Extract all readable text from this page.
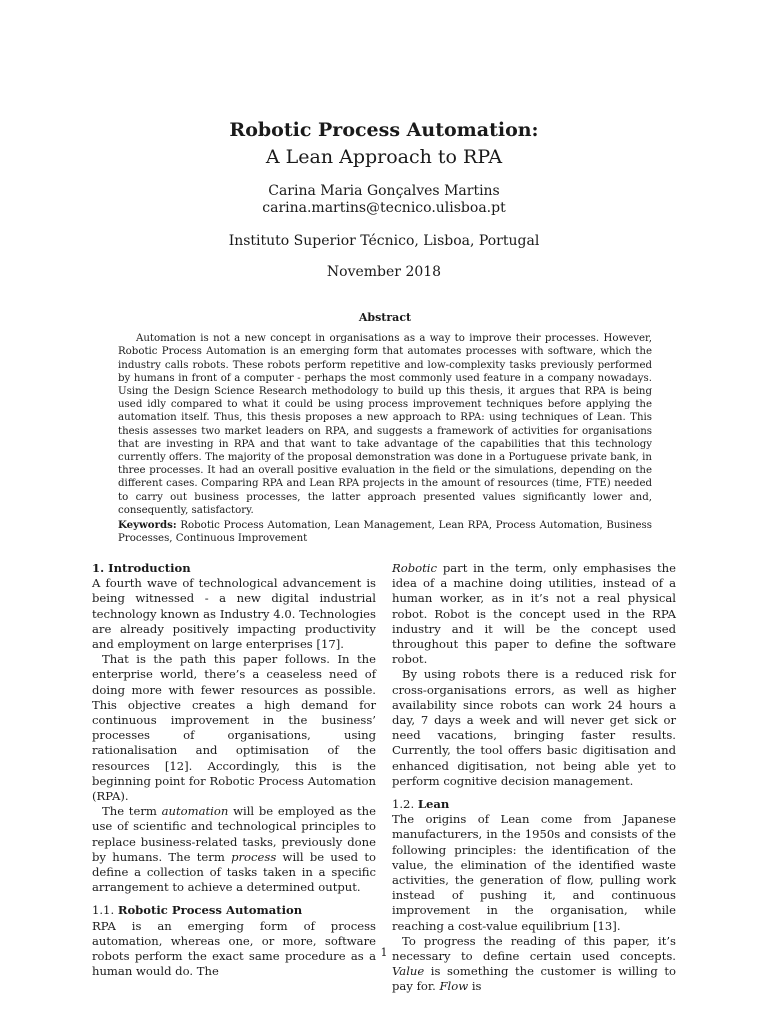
Robotic Process Automation:
A Lean Approach to RPA
Carina Maria Gonçalves Martins
carina.martins@tecnico.ulisboa.pt
Instituto Superior Técnico, Lisboa, Portugal
November 2018
Abstract

Automation is not a new concept in organisations as a way to improve their processes. However, Robotic Process Automation is an emerging form that automates processes with software, which the industry calls robots. These robots perform repetitive and low-complexity tasks previously performed by humans in front of a computer - perhaps the most commonly used feature in a company nowadays. Using the Design Science Research methodology to build up this thesis, it argues that RPA is being used idly compared to what it could be using process improvement techniques before applying the automation itself. Thus, this thesis proposes a new approach to RPA: using techniques of Lean. This thesis assesses two market leaders on RPA, and suggests a framework of activities for organisations that are investing in RPA and that want to take advantage of the capabilities that this technology currently offers. The majority of the proposal demonstration was done in a Portuguese private bank, in three processes. It had an overall positive evaluation in the field or the simulations, depending on the different cases. Comparing RPA and Lean RPA projects in the amount of resources (time, FTE) needed to carry out business processes, the latter approach presented values significantly lower and, consequently, satisfactory.

Keywords: Robotic Process Automation, Lean Management, Lean RPA, Process Automation, Business Processes, Continuous Improvement

1. Introduction

A fourth wave of technological advancement is being witnessed - a new digital industrial technology known as Industry 4.0. Technologies are already positively impacting productivity and employment on large enterprises [17].

That is the path this paper follows. In the enterprise world, there’s a ceaseless need of doing more with fewer resources as possible. This objective creates a high demand for continuous improvement in the business’ processes of organisations, using rationalisation and optimisation of the resources [12]. Accordingly, this is the beginning point for Robotic Process Automation (RPA).

The term automation will be employed as the use of scientific and technological principles to replace business-related tasks, previously done by humans. The term process will be used to define a collection of tasks taken in a specific arrangement to achieve a determined output.

1.1. Robotic Process Automation

RPA is an emerging form of process automation, whereas one, or more, software robots perform the exact same procedure as a human would do. The

Robotic part in the term, only emphasises the idea of a machine doing utilities, instead of a human worker, as in it’s not a real physical robot. Robot is the concept used in the RPA industry and it will be the concept used throughout this paper to define the software robot.

By using robots there is a reduced risk for cross-organisations errors, as well as higher availability since robots can work 24 hours a day, 7 days a week and will never get sick or need vacations, bringing faster results. Currently, the tool offers basic digitisation and enhanced digitisation, not being able yet to perform cognitive decision management.

1.2. Lean

The origins of Lean come from Japanese manufacturers, in the 1950s and consists of the following principles: the identification of the value, the elimination of the identified waste activities, the generation of flow, pulling work instead of pushing it, and continuous improvement in the organisation, while reaching a cost-value equilibrium [13].

To progress the reading of this paper, it’s necessary to define certain used concepts. Value is something the customer is willing to pay for. Flow is

1
